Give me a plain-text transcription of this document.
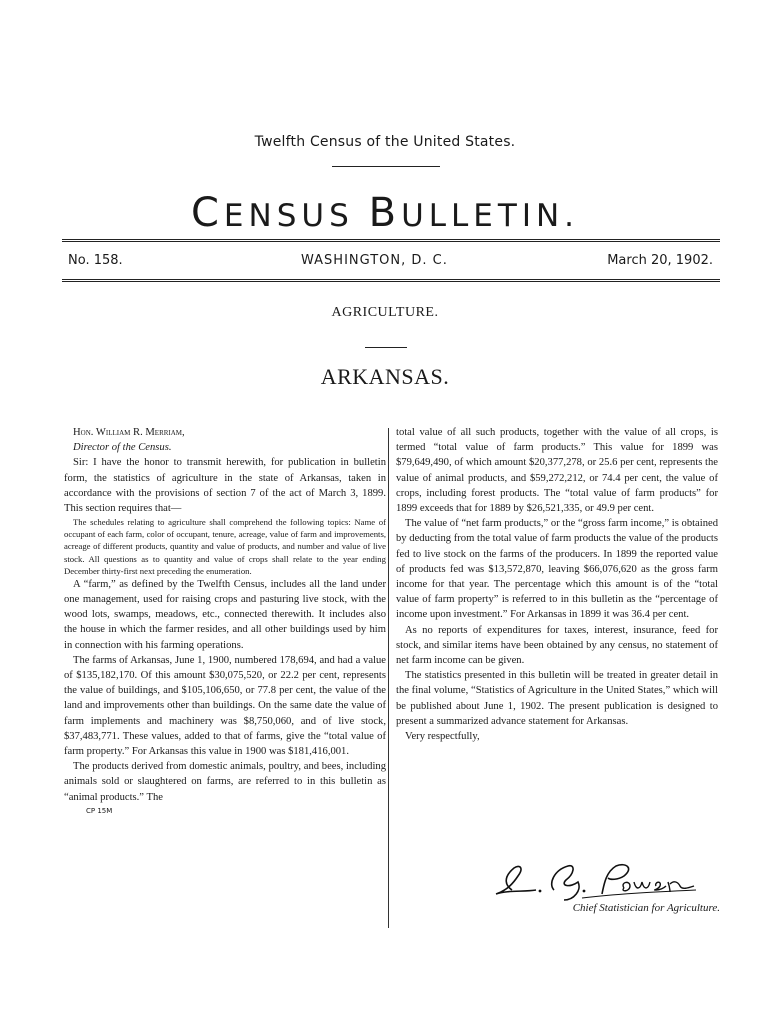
Twelfth Census of the United States.
CENSUS BULLETIN.
No. 158.	WASHINGTON, D. C.	March 20, 1902.
AGRICULTURE.
ARKANSAS.

Hon. William R. Merriam,

Director of the Census.

Sir: I have the honor to transmit herewith, for publication in bulletin form, the statistics of agriculture in the state of Arkansas, taken in accordance with the provisions of section 7 of the act of March 3, 1899. This section requires that—

The schedules relating to agriculture shall comprehend the following topics: Name of occupant of each farm, color of occupant, tenure, acreage, value of farm and improvements, acreage of different products, quantity and value of products, and number and value of live stock. All questions as to quantity and value of crops shall relate to the year ending December thirty-first next preceding the enumeration.

A “farm,” as defined by the Twelfth Census, includes all the land under one management, used for raising crops and pasturing live stock, with the wood lots, swamps, meadows, etc., connected therewith. It includes also the house in which the farmer resides, and all other buildings used by him in connection with his farming operations.

The farms of Arkansas, June 1, 1900, numbered 178,694, and had a value of $135,182,170. Of this amount $30,075,520, or 22.2 per cent, represents the value of buildings, and $105,106,650, or 77.8 per cent, the value of the land and improvements other than buildings. On the same date the value of farm implements and machinery was $8,750,060, and of live stock, $37,483,771. These values, added to that of farms, give the “total value of farm property.” For Arkansas this value in 1900 was $181,416,001.

The products derived from domestic animals, poultry, and bees, including animals sold or slaughtered on farms, are referred to in this bulletin as “animal products.” The

CP 15M

total value of all such products, together with the value of all crops, is termed “total value of farm products.” This value for 1899 was $79,649,490, of which amount $20,377,278, or 25.6 per cent, represents the value of animal products, and $59,272,212, or 74.4 per cent, the value of crops, including forest products. The “total value of farm products” for 1899 exceeds that for 1889 by $26,521,335, or 49.9 per cent.

The value of “net farm products,” or the “gross farm income,” is obtained by deducting from the total value of farm products the value of the products fed to live stock on the farms of the producers. In 1899 the reported value of products fed was $13,572,870, leaving $66,076,620 as the gross farm income for that year. The percentage which this amount is of the “total value of farm property” is referred to in this bulletin as the “percentage of income upon investment.” For Arkansas in 1899 it was 36.4 per cent.

As no reports of expenditures for taxes, interest, insurance, feed for stock, and similar items have been obtained by any census, no statement of net farm income can be given.

The statistics presented in this bulletin will be treated in greater detail in the final volume, “Statistics of Agriculture in the United States,” which will be published about June 1, 1902. The present publication is designed to present a summarized advance statement for Arkansas.

Very respectfully,

Chief Statistician for Agriculture.
